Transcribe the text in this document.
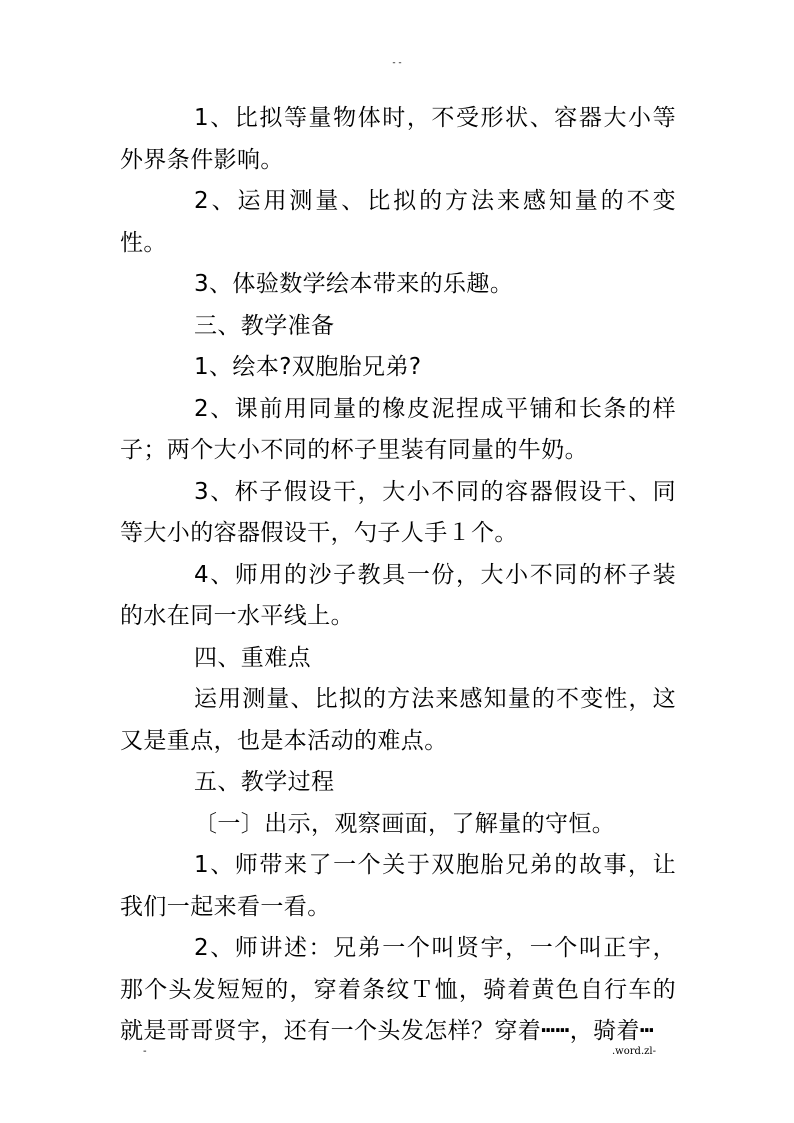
- -

1、比拟等量物体时，不受形状、容器大小等外界条件影响。

2、运用测量、比拟的方法来感知量的不变性。

3、体验数学绘本带来的乐趣。

三、教学准备

1、绘本?双胞胎兄弟?

2、课前用同量的橡皮泥捏成平铺和长条的样子；两个大小不同的杯子里装有同量的牛奶。

3、杯子假设干，大小不同的容器假设干、同等大小的容器假设干，勺子人手１个。

4、师用的沙子教具一份，大小不同的杯子装的水在同一水平线上。

四、重难点

运用测量、比拟的方法来感知量的不变性，这又是重点，也是本活动的难点。

五、教学过程

〔一〕出示，观察画面，了解量的守恒。

1、师带来了一个关于双胞胎兄弟的故事，让我们一起来看一看。

2、师讲述：兄弟一个叫贤宇，一个叫正宇，那个头发短短的，穿着条纹Ｔ恤，骑着黄色自行车的就是哥哥贤宇，还有一个头发怎样？穿着┅┅，骑着┅

-	.word.zl-
